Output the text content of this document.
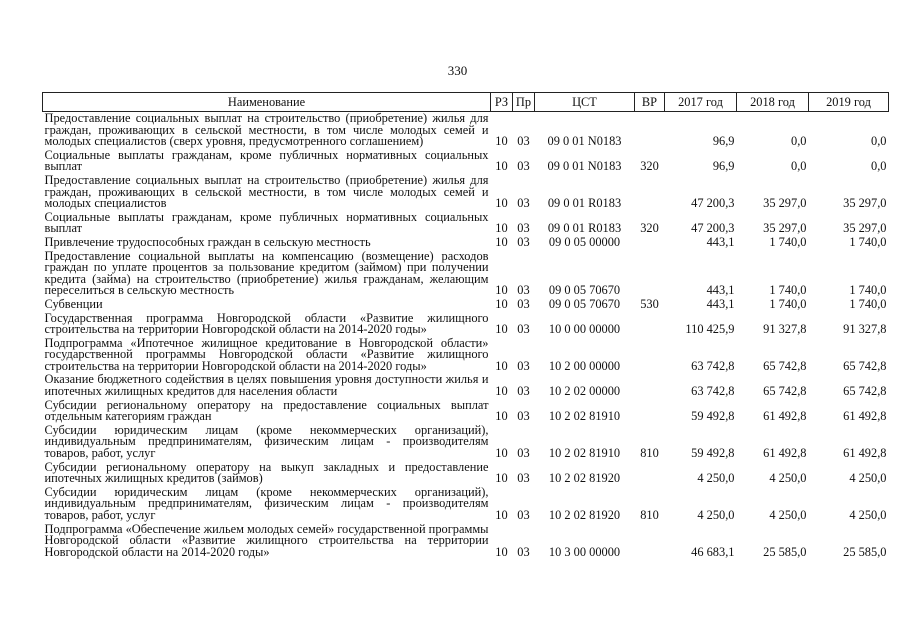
330
Наименование	РЗ	Пр	ЦСТ	ВР	2017 год	2018 год	2019 год
Предоставление социальных выплат на строительство (приобретение) жилья для граждан, проживающих в сельской местности, в том числе молодых семей и молодых специалистов (сверх уровня, предусмотренного соглашением)	10	03	09 0 01 N0183		96,9	0,0	0,0
Социальные выплаты гражданам, кроме публичных нормативных социальных выплат	10	03	09 0 01 N0183	320	96,9	0,0	0,0
Предоставление социальных выплат на строительство (приобретение) жилья для граждан, проживающих в сельской местности, в том числе молодых семей и молодых специалистов	10	03	09 0 01 R0183		47 200,3	35 297,0	35 297,0
Социальные выплаты гражданам, кроме публичных нормативных социальных выплат	10	03	09 0 01 R0183	320	47 200,3	35 297,0	35 297,0
Привлечение трудоспособных граждан в сельскую местность	10	03	09 0 05 00000		443,1	1 740,0	1 740,0
Предоставление социальной выплаты на компенсацию (возмещение) расходов граждан по уплате процентов за пользование кредитом (займом) при получении кредита (займа) на строительство (приобретение) жилья гражданам, желающим переселиться в сельскую местность	10	03	09 0 05 70670		443,1	1 740,0	1 740,0
Субвенции	10	03	09 0 05 70670	530	443,1	1 740,0	1 740,0
Государственная программа Новгородской области «Развитие жилищного строительства на территории Новгородской области на 2014-2020 годы»	10	03	10 0 00 00000		110 425,9	91 327,8	91 327,8
Подпрограмма «Ипотечное жилищное кредитование в Новгородской области» государственной программы Новгородской области «Развитие жилищного строительства на территории Новгородской области на 2014-2020 годы»	10	03	10 2 00 00000		63 742,8	65 742,8	65 742,8
Оказание бюджетного содействия в целях повышения уровня доступности жилья и ипотечных жилищных кредитов для населения области	10	03	10 2 02 00000		63 742,8	65 742,8	65 742,8
Субсидии региональному оператору на предоставление социальных выплат отдельным категориям граждан	10	03	10 2 02 81910		59 492,8	61 492,8	61 492,8
Субсидии юридическим лицам (кроме некоммерческих организаций), индивидуальным предпринимателям, физическим лицам - производителям товаров, работ, услуг	10	03	10 2 02 81910	810	59 492,8	61 492,8	61 492,8
Субсидии региональному оператору на выкуп закладных и предоставление ипотечных жилищных кредитов (займов)	10	03	10 2 02 81920		4 250,0	4 250,0	4 250,0
Субсидии юридическим лицам (кроме некоммерческих организаций), индивидуальным предпринимателям, физическим лицам - производителям товаров, работ, услуг	10	03	10 2 02 81920	810	4 250,0	4 250,0	4 250,0
Подпрограмма «Обеспечение жильем молодых семей» государственной программы Новгородской области «Развитие жилищного строительства на территории Новгородской области на 2014-2020 годы»	10	03	10 3 00 00000		46 683,1	25 585,0	25 585,0
